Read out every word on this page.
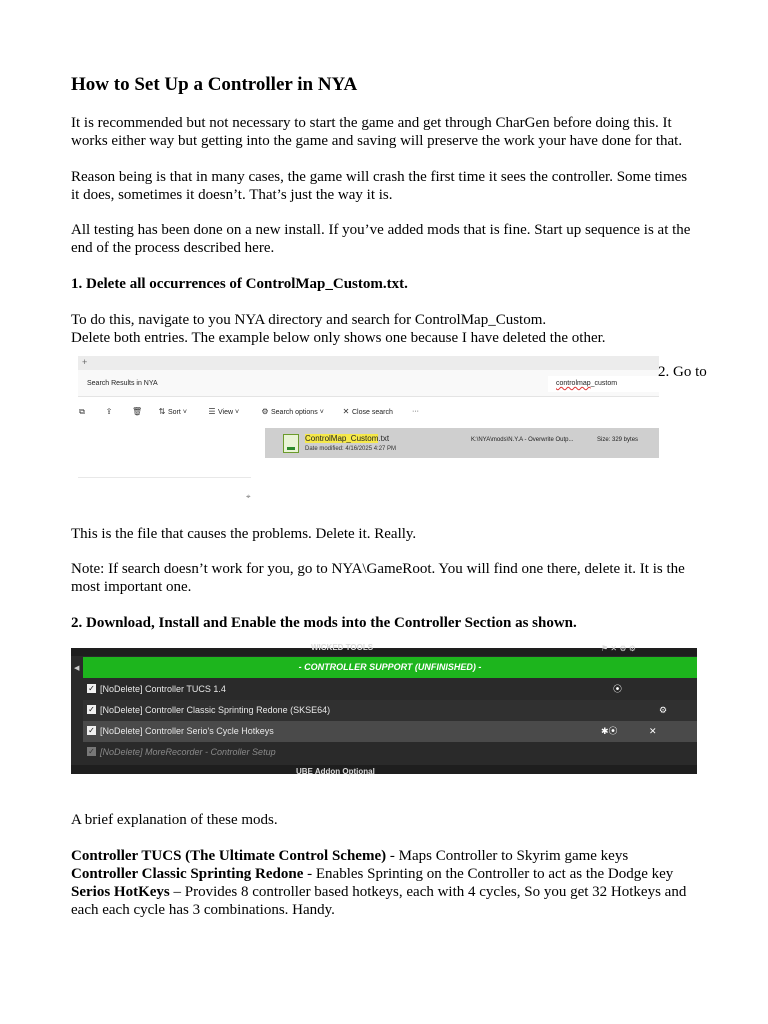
How to Set Up a Controller in NYA

It is recommended but not necessary to start the game and get through CharGen before doing this. It works either way but getting into the game and saving will preserve the work your have done for that.

Reason being is that in many cases, the game will crash the first time it sees the controller. Some times it does, sometimes it doesn’t. That’s just the way it is.

All testing has been done on a new install. If you’ve added mods that is fine. Start up sequence is at the end of the process described here.

1. Delete all occurrences of ControlMap_Custom.txt.

To do this, navigate to you NYA directory and search for ControlMap_Custom.

Delete both entries. The example below only shows one because I have deleted the other.

+
Search Results in NYA	controlmap_custom
⧉	⇪ 🗑 ⇅ Sort ˅	☰ View ˅	⚙ Search options ˅ ✕ Close search	···
⌖
ControlMap_Custom.txt
Date modified: 4/16/2025 4:27 PM
K:\NYA\mods\N.Y.A - Overwrite Outp...	Size: 329 bytes
2. Go to

This is the file that causes the problems. Delete it. Really.

Note: If search doesn’t work for you, go to NYA\GameRoot. You will find one there, delete it. It is the most important one.

2. Download, Install and Enable the mods into the Controller Section as shown.

WICKED TOOLS	⚑ ✕ ⚙ ⚙
◀	- CONTROLLER SUPPORT (UNFINISHED) -
✓ [NoDelete] Controller TUCS 1.4	⦿
✓ [NoDelete] Controller Classic Sprinting Redone (SKSE64)	⚙
✓ [NoDelete] Controller Serio's Cycle Hotkeys	✱⦿	✕
✓ [NoDelete] MoreRecorder - Controller Setup
UBE Addon Optional

A brief explanation of these mods.

Controller TUCS (The Ultimate Control Scheme) - Maps Controller to Skyrim game keys

Controller Classic Sprinting Redone - Enables Sprinting on the Controller to act as the Dodge key

Serios HotKeys – Provides 8 controller based hotkeys, each with 4 cycles, So you get 32 Hotkeys and each each cycle has 3 combinations. Handy.
